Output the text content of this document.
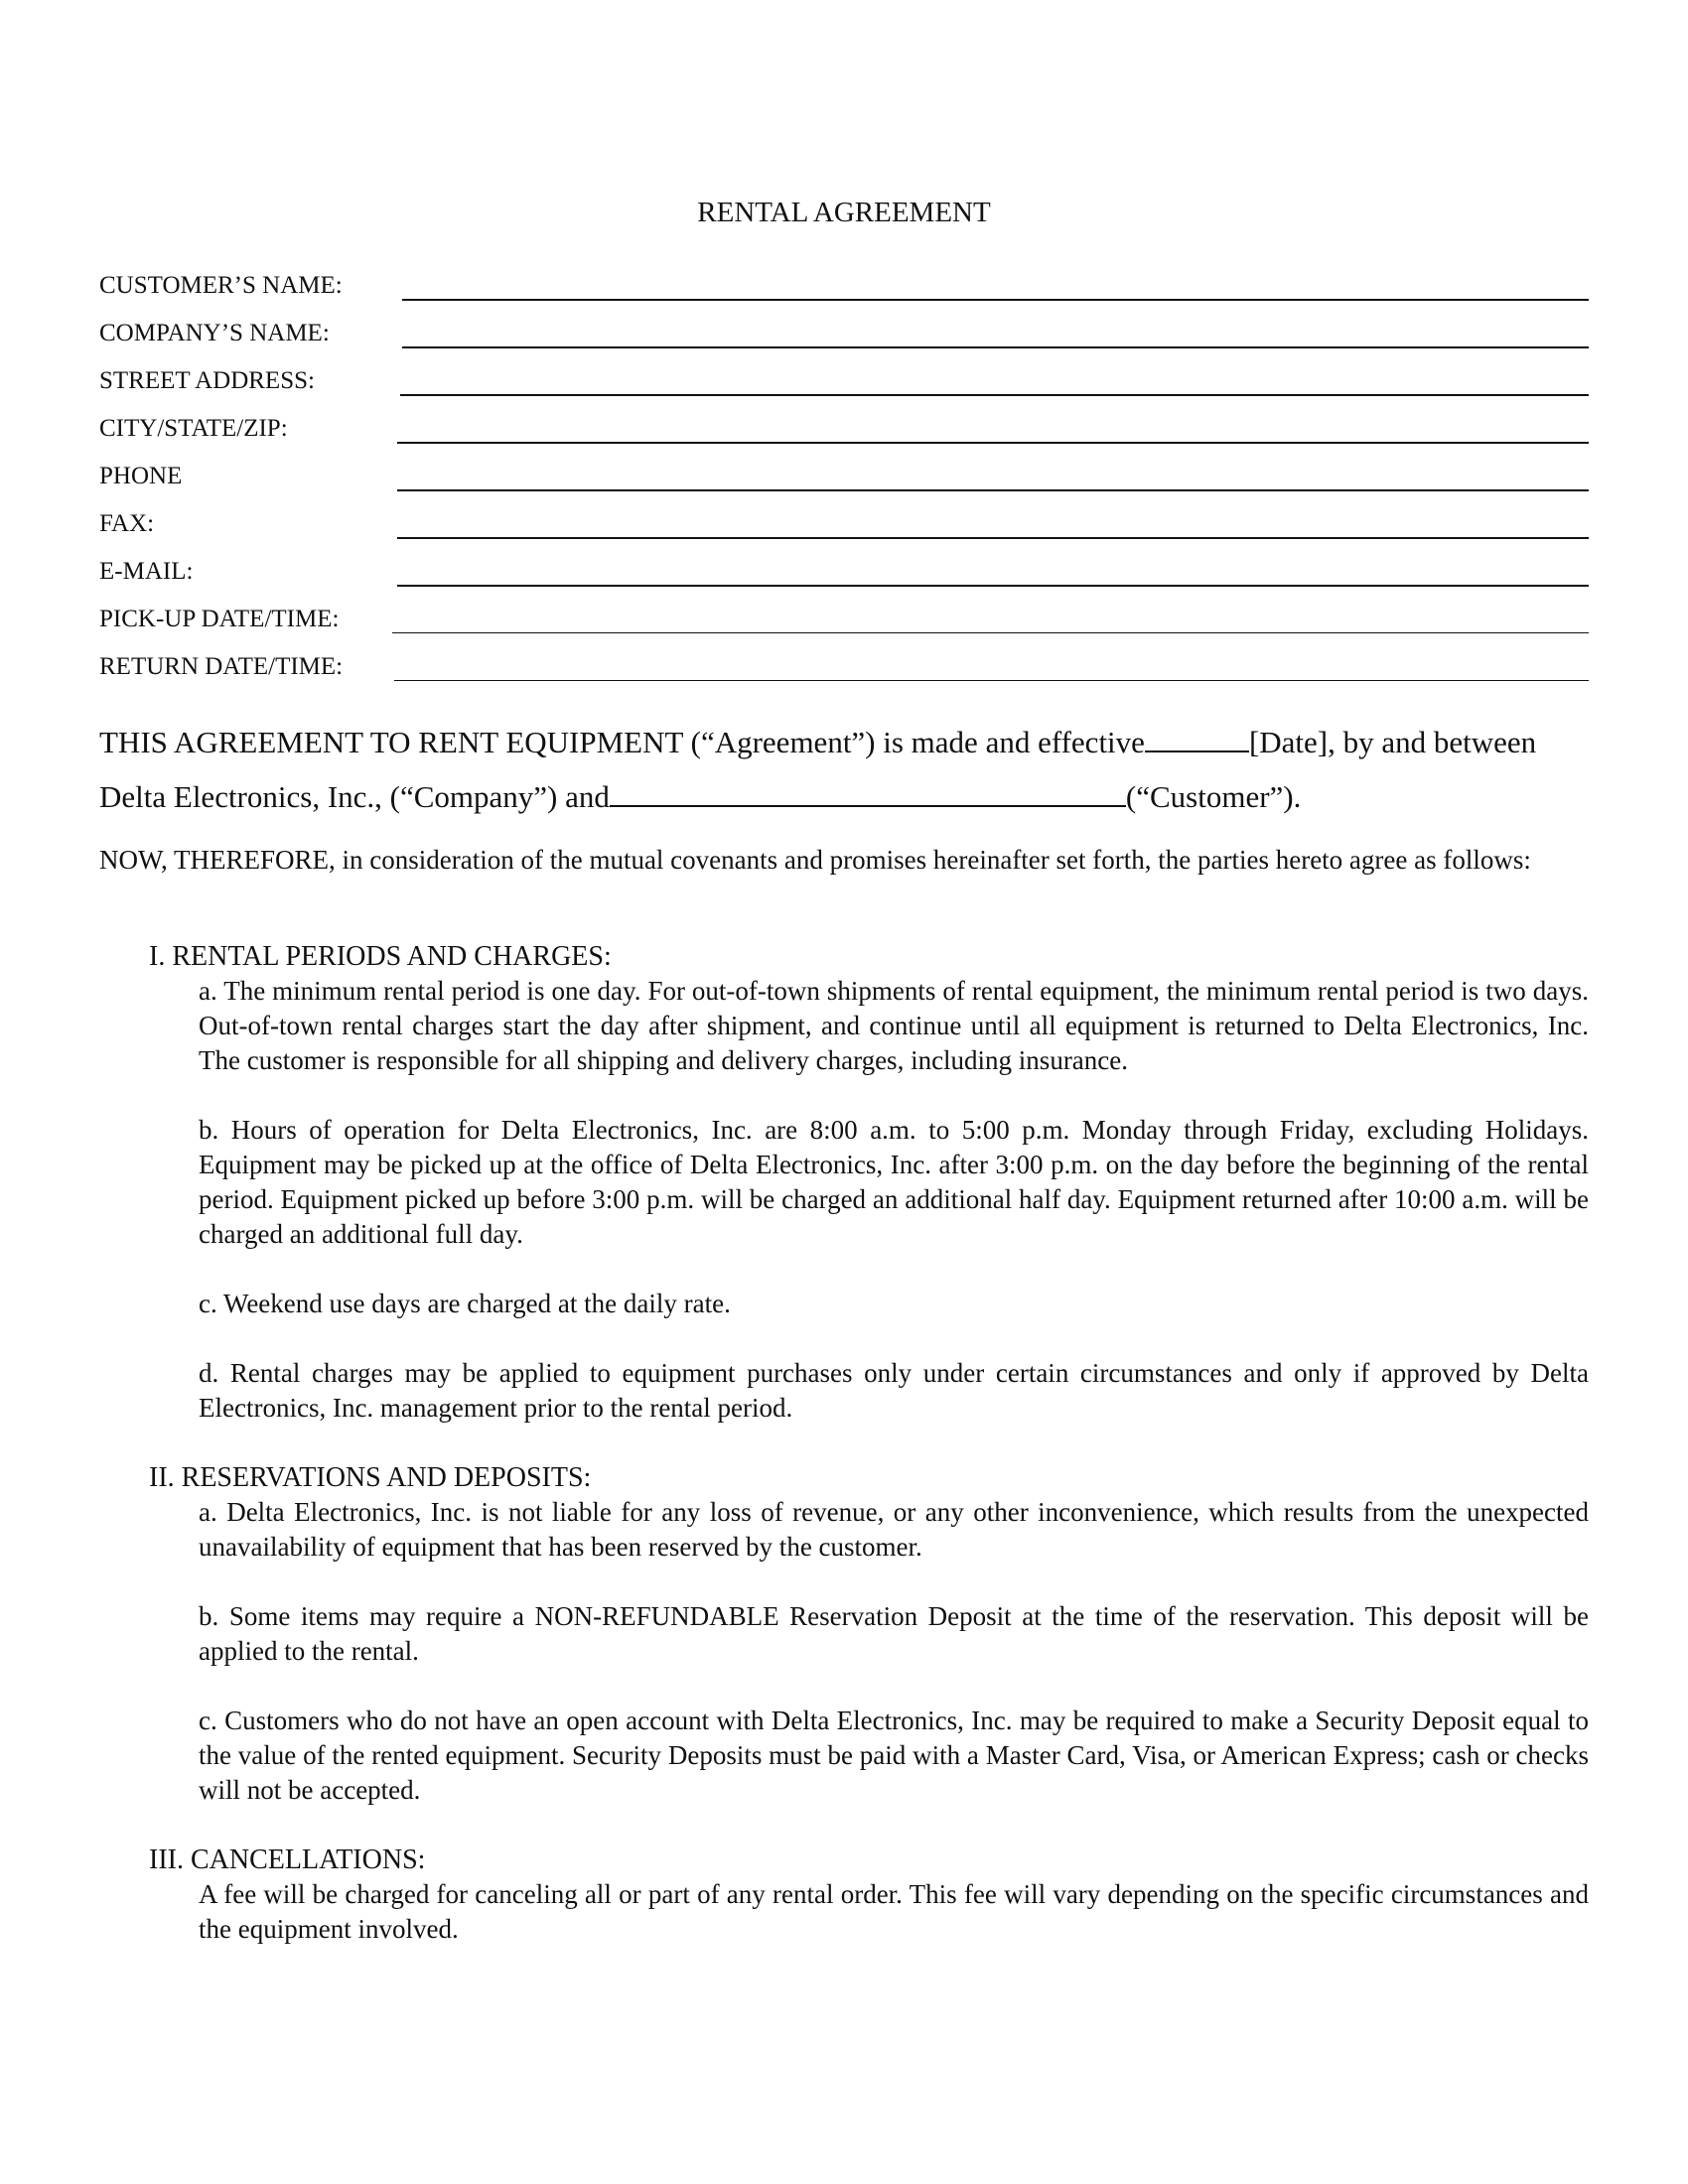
RENTAL AGREEMENT
CUSTOMER’S NAME:
COMPANY’S NAME:
STREET ADDRESS:
CITY/STATE/ZIP:
PHONE
FAX:
E-MAIL:
PICK-UP DATE/TIME:
RETURN DATE/TIME:
THIS AGREEMENT TO RENT EQUIPMENT (“Agreement”) is made and effective	[Date], by and between
Delta Electronics, Inc., (“Company”) and	(“Customer”).
NOW, THEREFORE, in consideration of the mutual covenants and promises hereinafter set forth, the parties hereto agree as follows:
I. RENTAL PERIODS AND CHARGES:
a. The minimum rental period is one day. For out-of-town shipments of rental equipment, the minimum rental period is two days. Out-of-town rental charges start the day after shipment, and continue until all equipment is returned to Delta Electronics, Inc. The customer is responsible for all shipping and delivery charges, including insurance.
b. Hours of operation for Delta Electronics, Inc. are 8:00 a.m. to 5:00 p.m. Monday through Friday, excluding Holidays. Equipment may be picked up at the office of Delta Electronics, Inc. after 3:00 p.m. on the day before the beginning of the rental period. Equipment picked up before 3:00 p.m. will be charged an additional half day. Equipment returned after 10:00 a.m. will be charged an additional full day.
c. Weekend use days are charged at the daily rate.
d. Rental charges may be applied to equipment purchases only under certain circumstances and only if approved by Delta Electronics, Inc. management prior to the rental period.
II. RESERVATIONS AND DEPOSITS:
a. Delta Electronics, Inc. is not liable for any loss of revenue, or any other inconvenience, which results from the unexpected unavailability of equipment that has been reserved by the customer.
b. Some items may require a NON-REFUNDABLE Reservation Deposit at the time of the reservation. This deposit will be applied to the rental.
c. Customers who do not have an open account with Delta Electronics, Inc. may be required to make a Security Deposit equal to the value of the rented equipment. Security Deposits must be paid with a Master Card, Visa, or American Express; cash or checks will not be accepted.
III. CANCELLATIONS:
A fee will be charged for canceling all or part of any rental order. This fee will vary depending on the specific circumstances and the equipment involved.
